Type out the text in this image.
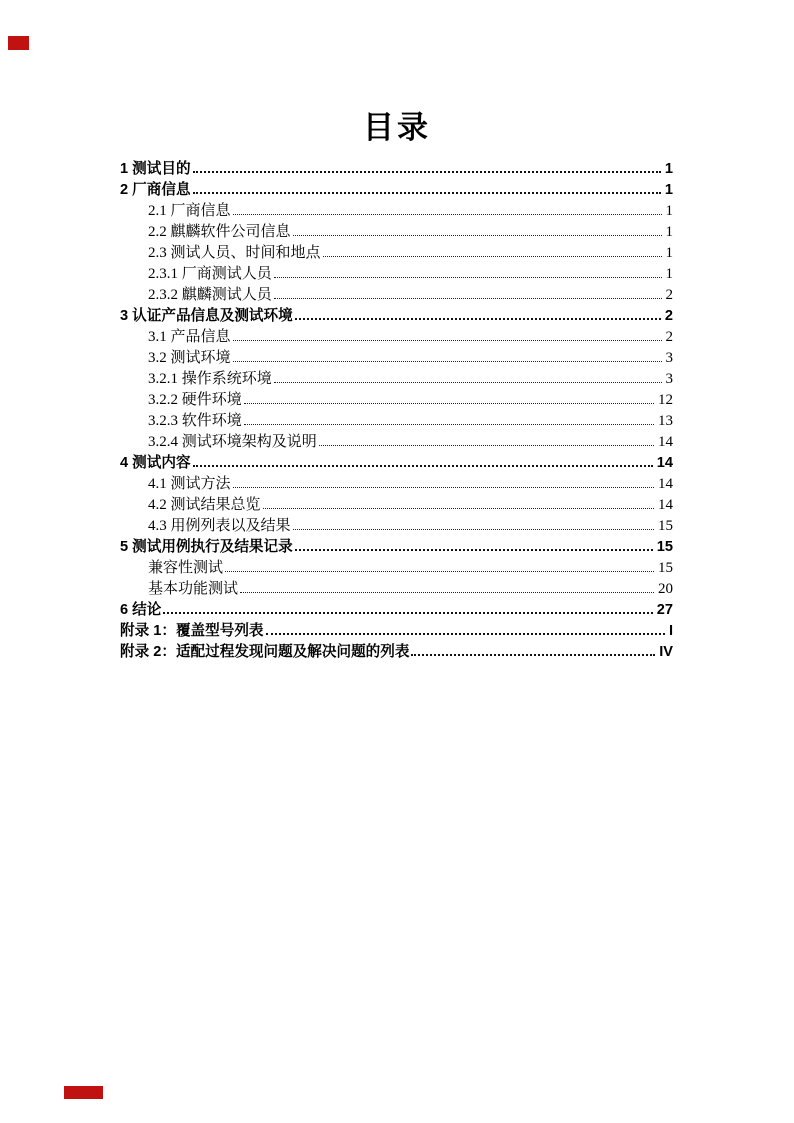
目录
1 测试目的	1
2 厂商信息	1
2.1 厂商信息	1
2.2 麒麟软件公司信息	1
2.3 测试人员、时间和地点	1
2.3.1 厂商测试人员	1
2.3.2 麒麟测试人员	2
3 认证产品信息及测试环境	2
3.1 产品信息	2
3.2 测试环境	3
3.2.1 操作系统环境	3
3.2.2 硬件环境	12
3.2.3 软件环境	13
3.2.4 测试环境架构及说明	14
4 测试内容	14
4.1 测试方法	14
4.2 测试结果总览	14
4.3 用例列表以及结果	15
5 测试用例执行及结果记录	15
兼容性测试	15
基本功能测试	20
6 结论	27
附录 1：覆盖型号列表	I
附录 2：适配过程发现问题及解决问题的列表	IV
